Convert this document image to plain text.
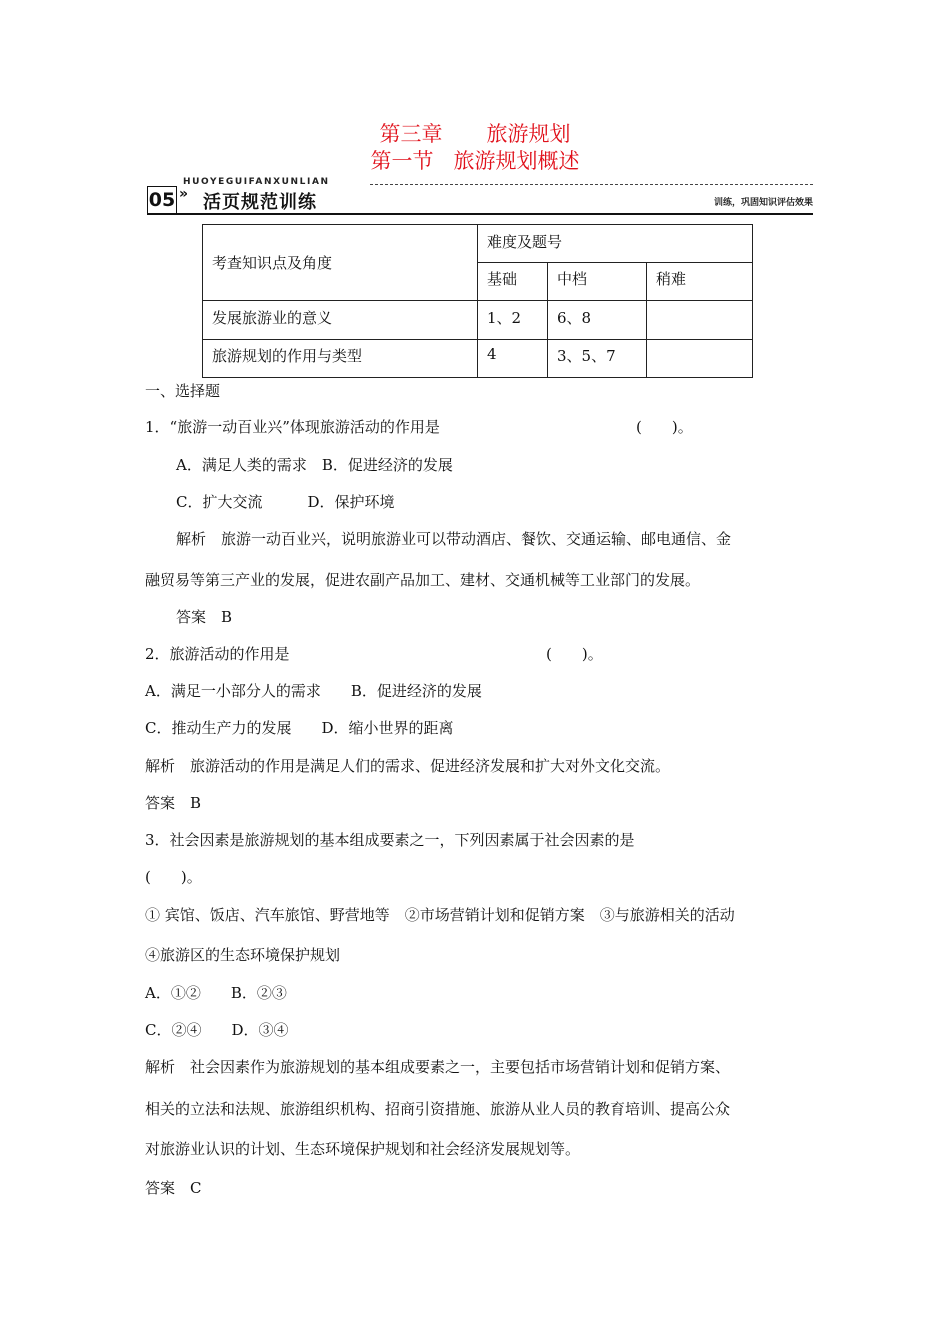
第三章 旅游规划
第一节 旅游规划概述
HUOYEGUIFANXUNLIAN
05 » 活页规范训练	训练，巩固知识评估效果
考查知识点及角度	难度及题号		
	基础	中档	稍难
发展旅游业的意义	1、2	6、8	
旅游规划的作用与类型	4	3、5、7	
一、选择题
1．“旅游一动百业兴”体现旅游活动的作用是	(　　)。
A．满足人类的需求　B．促进经济的发展
C．扩大交流　　　D．保护环境
解析　旅游一动百业兴，说明旅游业可以带动酒店、餐饮、交通运输、邮电通信、金
融贸易等第三产业的发展，促进农副产品加工、建材、交通机械等工业部门的发展。
答案　B
2．旅游活动的作用是	(　　)。
A．满足一小部分人的需求　　B．促进经济的发展
C．推动生产力的发展　　D．缩小世界的距离
解析　旅游活动的作用是满足人们的需求、促进经济发展和扩大对外文化交流。
答案　B
3．社会因素是旅游规划的基本组成要素之一，下列因素属于社会因素的是
(　　)。
① 宾馆、饭店、汽车旅馆、野营地等　②市场营销计划和促销方案　③与旅游相关的活动
④旅游区的生态环境保护规划
A．①②　　B．②③
C．②④　　D．③④
解析　社会因素作为旅游规划的基本组成要素之一，主要包括市场营销计划和促销方案、
相关的立法和法规、旅游组织机构、招商引资措施、旅游从业人员的教育培训、提高公众
对旅游业认识的计划、生态环境保护规划和社会经济发展规划等。
答案　C
